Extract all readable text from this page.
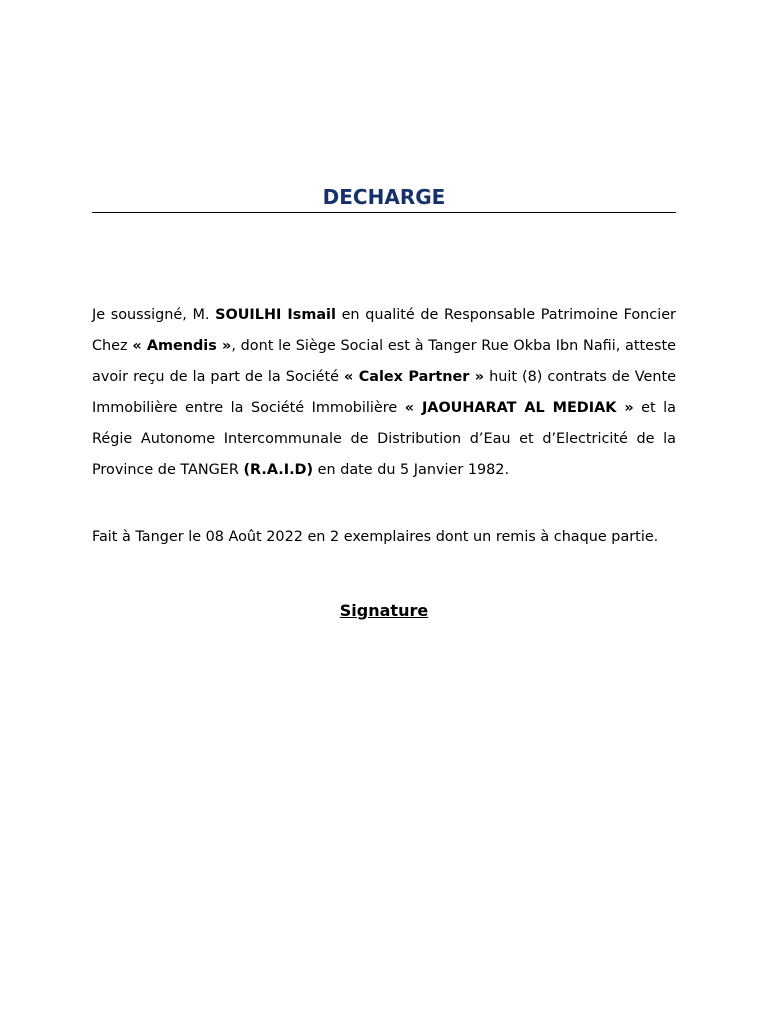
DECHARGE

Je soussigné, M. SOUILHI Ismail en qualité de Responsable Patrimoine Foncier Chez « Amendis », dont le Siège Social est à Tanger Rue Okba Ibn Nafii, atteste avoir reçu de la part de la Société « Calex Partner » huit (8) contrats de Vente Immobilière entre la Société Immobilière « JAOUHARAT AL MEDIAK » et la Régie Autonome Intercommunale de Distribution d’Eau et d’Electricité de la Province de TANGER (R.A.I.D) en date du 5 Janvier 1982.

Fait à Tanger le 08 Août 2022 en 2 exemplaires dont un remis à chaque partie.
Signature
